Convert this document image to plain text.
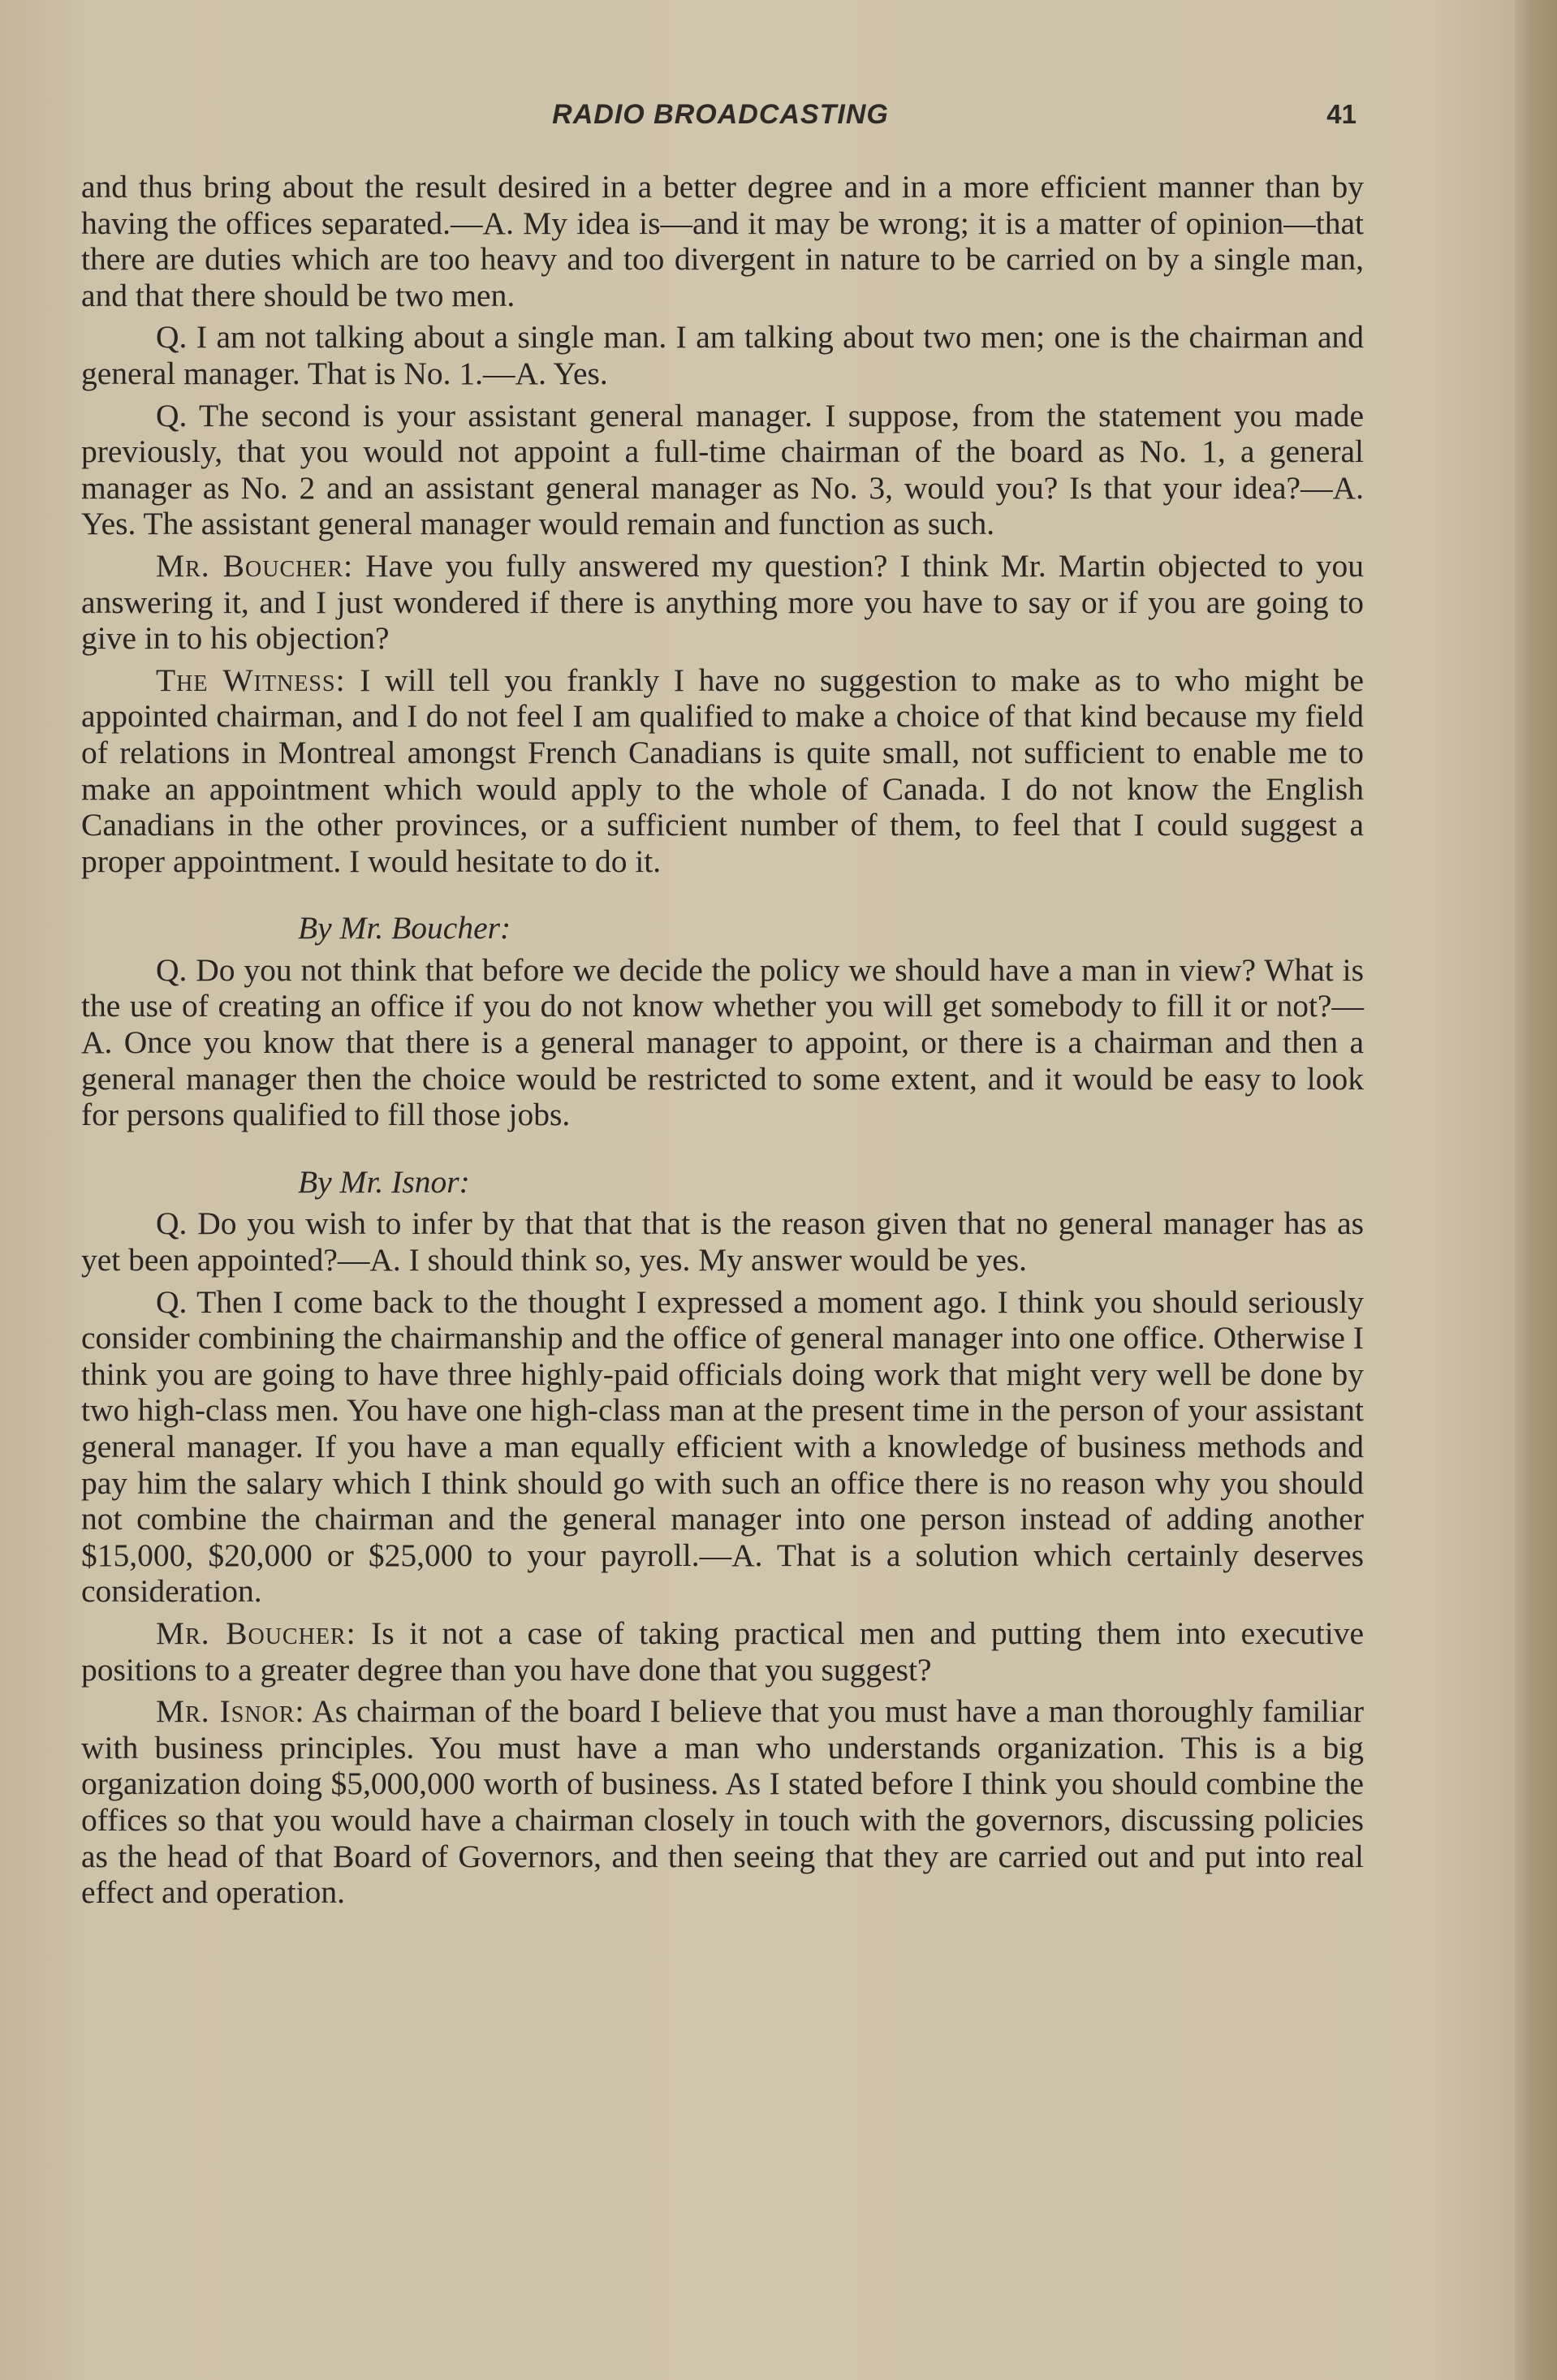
RADIO BROADCASTING	41

and thus bring about the result desired in a better degree and in a more efficient manner than by having the offices separated.—A. My idea is—and it may be wrong; it is a matter of opinion—that there are duties which are too heavy and too divergent in nature to be carried on by a single man, and that there should be two men.

Q. I am not talking about a single man. I am talking about two men; one is the chairman and general manager. That is No. 1.—A. Yes.

Q. The second is your assistant general manager. I suppose, from the statement you made previously, that you would not appoint a full-time chairman of the board as No. 1, a general manager as No. 2 and an assistant general manager as No. 3, would you? Is that your idea?—A. Yes. The assistant general manager would remain and function as such.

Mr. Boucher: Have you fully answered my question? I think Mr. Martin objected to you answering it, and I just wondered if there is anything more you have to say or if you are going to give in to his objection?

The Witness: I will tell you frankly I have no suggestion to make as to who might be appointed chairman, and I do not feel I am qualified to make a choice of that kind because my field of relations in Montreal amongst French Canadians is quite small, not sufficient to enable me to make an appointment which would apply to the whole of Canada. I do not know the English Canadians in the other provinces, or a sufficient number of them, to feel that I could suggest a proper appointment. I would hesitate to do it.

By Mr. Boucher:

Q. Do you not think that before we decide the policy we should have a man in view? What is the use of creating an office if you do not know whether you will get somebody to fill it or not?—A. Once you know that there is a general manager to appoint, or there is a chairman and then a general manager then the choice would be restricted to some extent, and it would be easy to look for persons qualified to fill those jobs.

By Mr. Isnor:

Q. Do you wish to infer by that that that is the reason given that no general manager has as yet been appointed?—A. I should think so, yes. My answer would be yes.

Q. Then I come back to the thought I expressed a moment ago. I think you should seriously consider combining the chairmanship and the office of general manager into one office. Otherwise I think you are going to have three highly-paid officials doing work that might very well be done by two high-class men. You have one high-class man at the present time in the person of your assistant general manager. If you have a man equally efficient with a knowledge of business methods and pay him the salary which I think should go with such an office there is no reason why you should not combine the chairman and the general manager into one person instead of adding another $15,000, $20,000 or $25,000 to your payroll.—A. That is a solution which certainly deserves consideration.

Mr. Boucher: Is it not a case of taking practical men and putting them into executive positions to a greater degree than you have done that you suggest?

Mr. Isnor: As chairman of the board I believe that you must have a man thoroughly familiar with business principles. You must have a man who understands organization. This is a big organization doing $5,000,000 worth of business. As I stated before I think you should combine the offices so that you would have a chairman closely in touch with the governors, discussing policies as the head of that Board of Governors, and then seeing that they are carried out and put into real effect and operation.
